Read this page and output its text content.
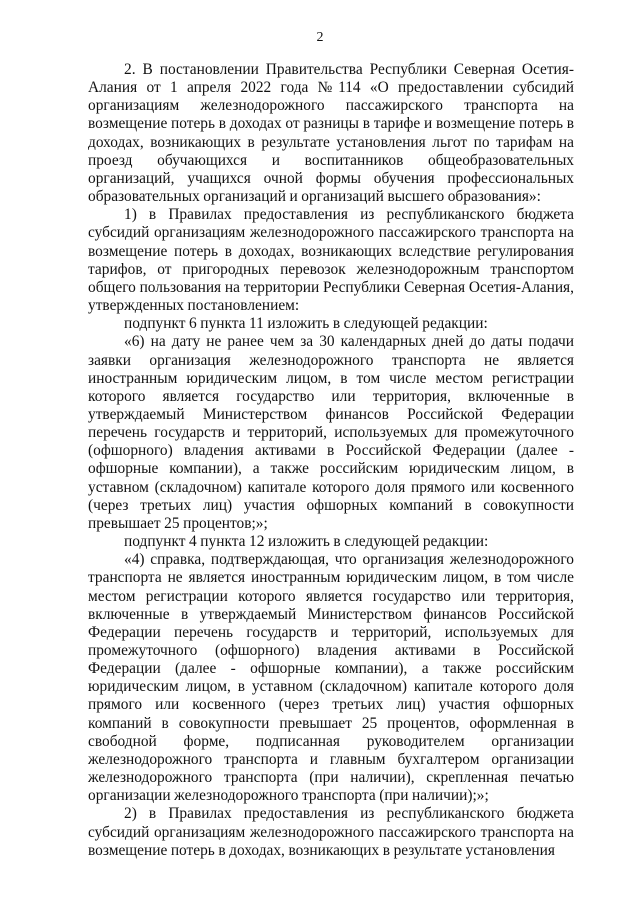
2

2. В постановлении Правительства Республики Северная Осетия-Алания от 1 апреля 2022 года №114 «О предоставлении субсидий организациям железнодорожного пассажирского транспорта на возмещение потерь в доходах от разницы в тарифе и возмещение потерь в доходах, возникающих в результате установления льгот по тарифам на проезд обучающихся и воспитанников общеобразовательных организаций, учащихся очной формы обучения профессиональных образовательных организаций и организаций высшего образования»:

1) в Правилах предоставления из республиканского бюджета субсидий организациям железнодорожного пассажирского транспорта на возмещение потерь в доходах, возникающих вследствие регулирования тарифов, от пригородных перевозок железнодорожным транспортом общего пользования на территории Республики Северная Осетия-Алания, утвержденных постановлением:

подпункт 6 пункта 11 изложить в следующей редакции:

«6) на дату не ранее чем за 30 календарных дней до даты подачи заявки организация железнодорожного транспорта не является иностранным юридическим лицом, в том числе местом регистрации которого является государство или территория, включенные в утверждаемый Министерством финансов Российской Федерации перечень государств и территорий, используемых для промежуточного (офшорного) владения активами в Российской Федерации (далее - офшорные компании), а также российским юридическим лицом, в уставном (складочном) капитале которого доля прямого или косвенного (через третьих лиц) участия офшорных компаний в совокупности превышает 25 процентов;»;

подпункт 4 пункта 12 изложить в следующей редакции:

«4) справка, подтверждающая, что организация железнодорожного транспорта не является иностранным юридическим лицом, в том числе местом регистрации которого является государство или территория, включенные в утверждаемый Министерством финансов Российской Федерации перечень государств и территорий, используемых для промежуточного (офшорного) владения активами в Российской Федерации (далее - офшорные компании), а также российским юридическим лицом, в уставном (складочном) капитале которого доля прямого или косвенного (через третьих лиц) участия офшорных компаний в совокупности превышает 25 процентов, оформленная в свободной форме, подписанная руководителем организации железнодорожного транспорта и главным бухгалтером организации железнодорожного транспорта (при наличии), скрепленная печатью организации железнодорожного транспорта (при наличии);»;

2) в Правилах предоставления из республиканского бюджета субсидий организациям железнодорожного пассажирского транспорта на возмещение потерь в доходах, возникающих в результате установления
